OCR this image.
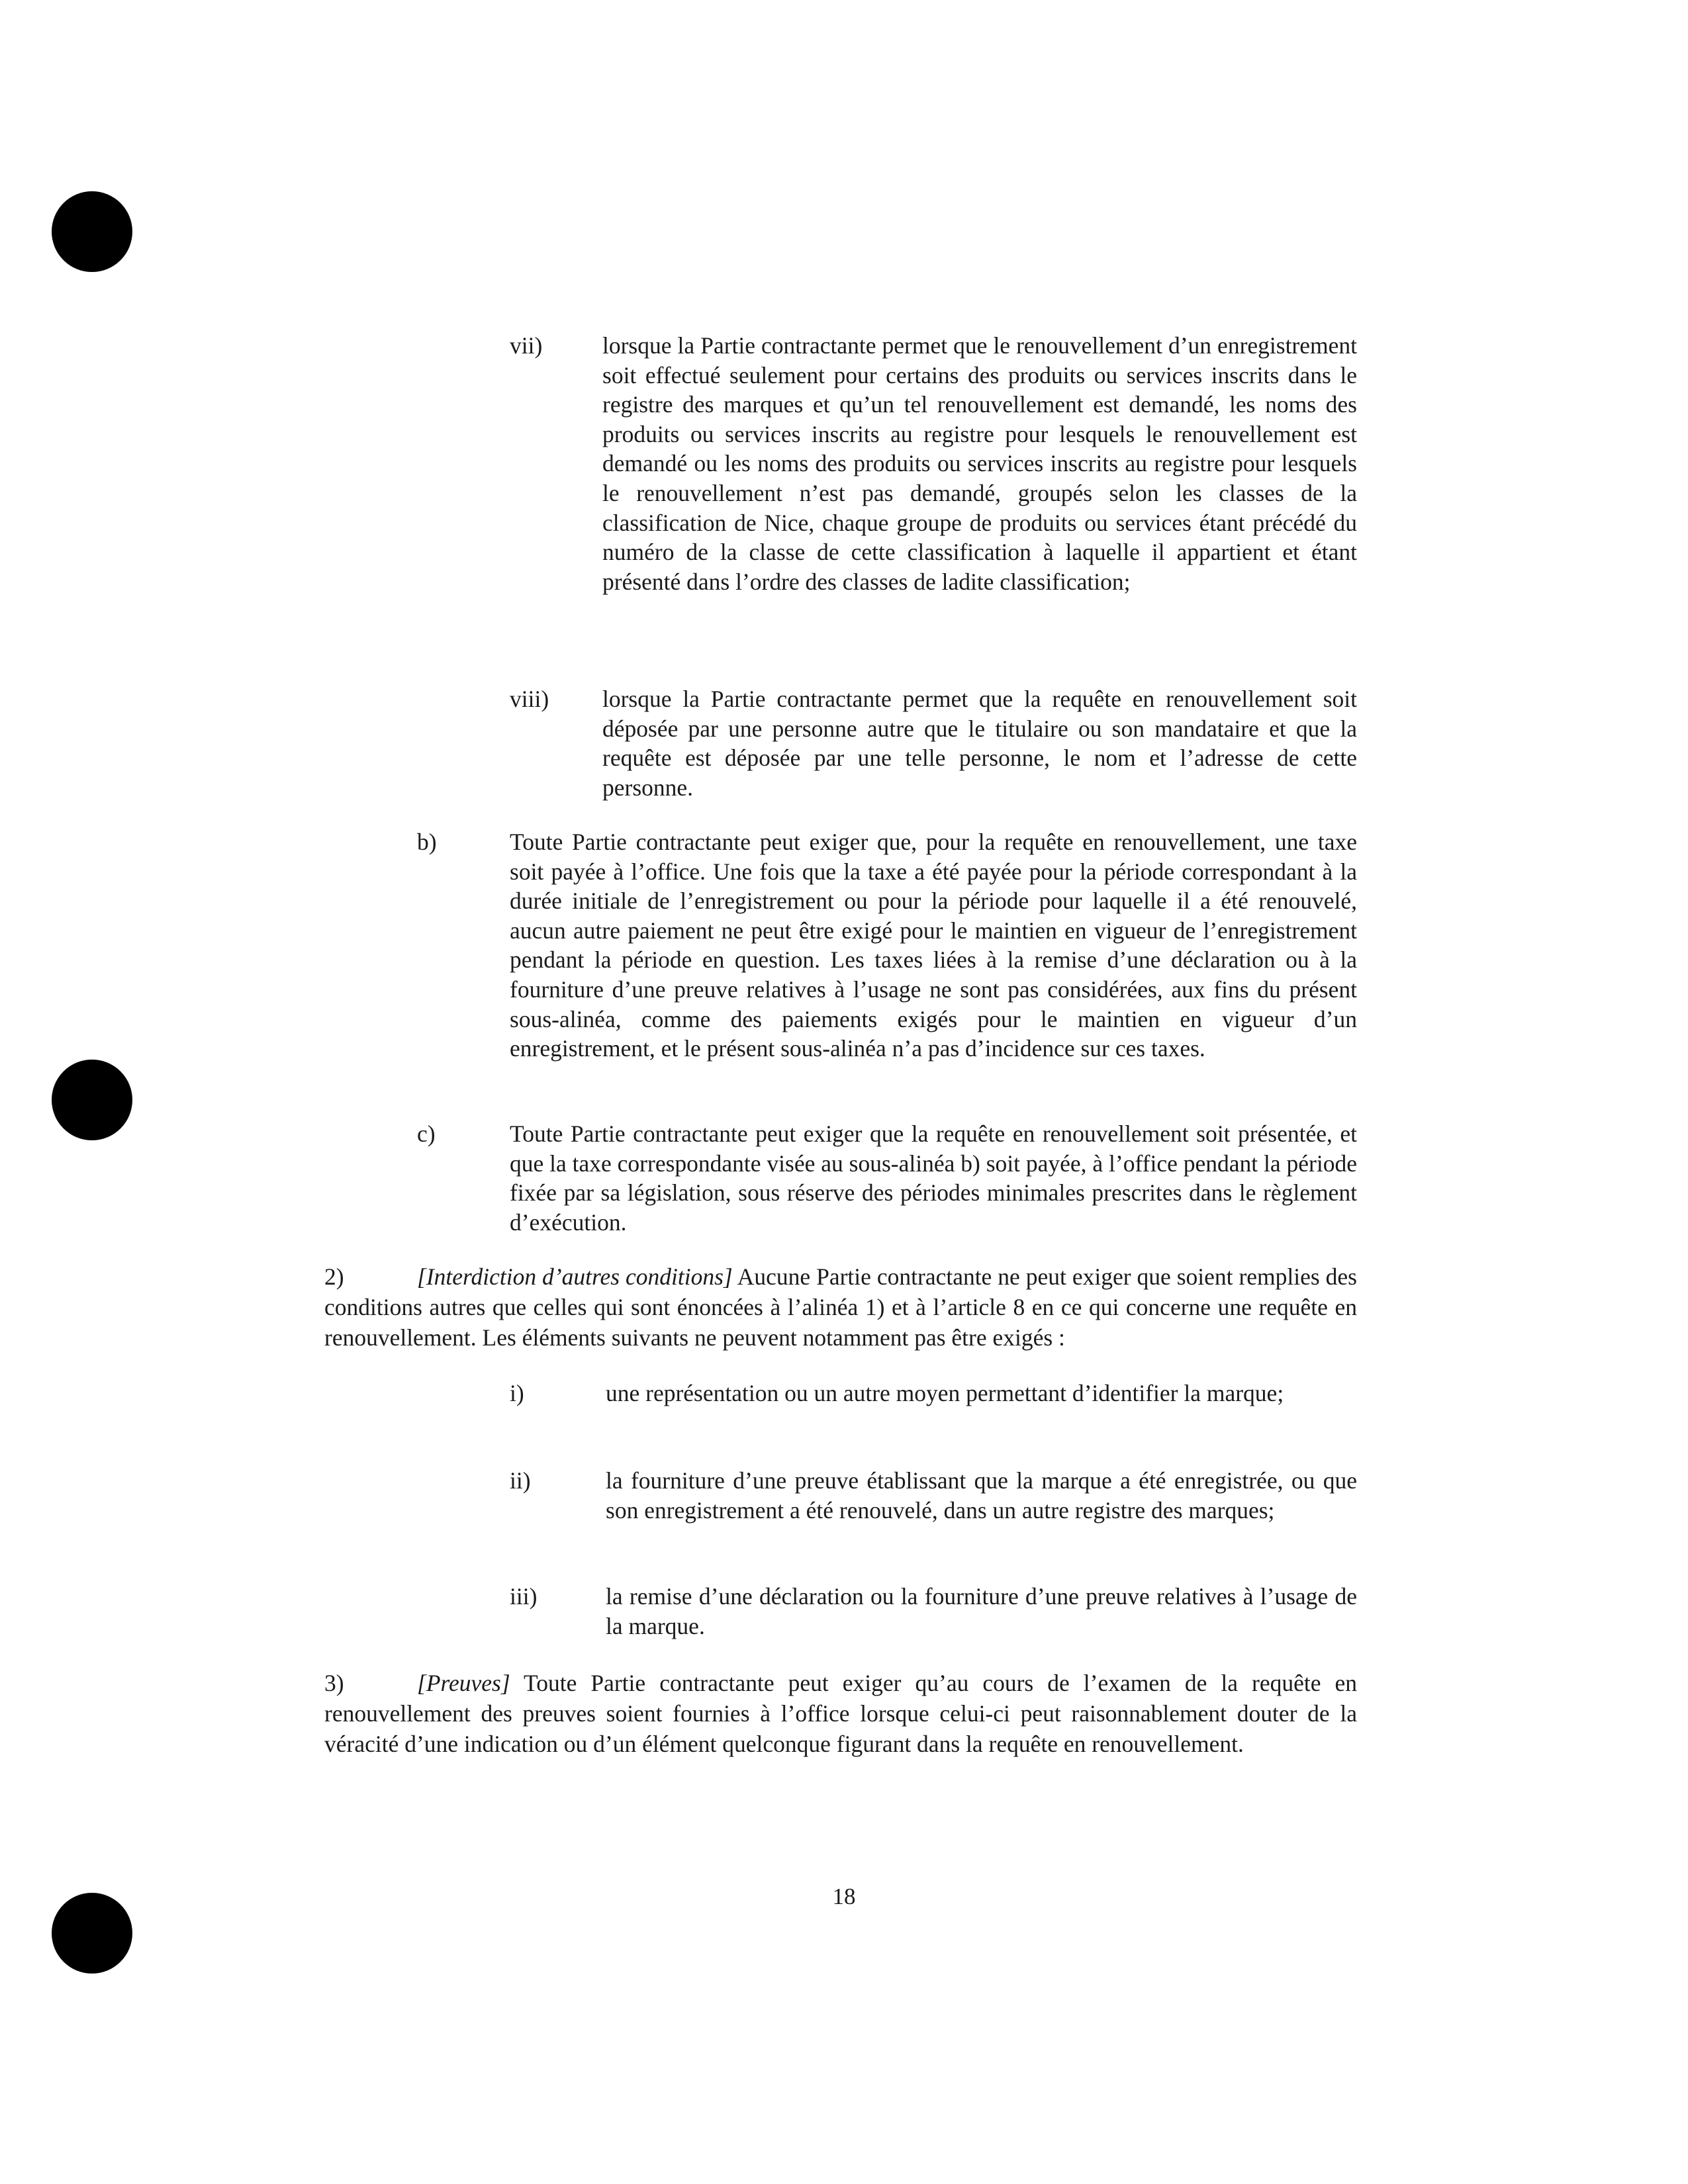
vii)	lorsque la Partie contractante permet que le renouvellement d’un enregistrement soit effectué seulement pour certains des produits ou services inscrits dans le registre des marques et qu’un tel renouvellement est demandé, les noms des produits ou services inscrits au registre pour lesquels le renouvellement est demandé ou les noms des produits ou services inscrits au registre pour lesquels le renouvellement n’est pas demandé, groupés selon les classes de la classification de Nice, chaque groupe de produits ou services étant précédé du numéro de la classe de cette classification à laquelle il appartient et étant présenté dans l’ordre des classes de ladite classification;
viii) lorsque la Partie contractante permet que la requête en renouvellement soit déposée par une personne autre que le titulaire ou son mandataire et que la requête est déposée par une telle personne, le nom et l’adresse de cette personne.
b)	Toute Partie contractante peut exiger que, pour la requête en renouvellement, une taxe soit payée à l’office. Une fois que la taxe a été payée pour la période correspondant à la durée initiale de l’enregistrement ou pour la période pour laquelle il a été renouvelé, aucun autre paiement ne peut être exigé pour le maintien en vigueur de l’enregistrement pendant la période en question. Les taxes liées à la remise d’une déclaration ou à la fourniture d’une preuve relatives à l’usage ne sont pas considérées, aux fins du présent sous-alinéa, comme des paiements exigés pour le maintien en vigueur d’un enregistrement, et le présent sous-alinéa n’a pas d’incidence sur ces taxes.
c)	Toute Partie contractante peut exiger que la requête en renouvellement soit présentée, et que la taxe correspondante visée au sous-alinéa b) soit payée, à l’office pendant la période fixée par sa législation, sous réserve des périodes minimales prescrites dans le règlement d’exécution.
2)	[Interdiction d’autres conditions] Aucune Partie contractante ne peut exiger que soient remplies des conditions autres que celles qui sont énoncées à l’alinéa 1) et à l’article 8 en ce qui concerne une requête en renouvellement. Les éléments suivants ne peuvent notamment pas être exigés :
i)	une représentation ou un autre moyen permettant d’identifier la marque;
ii)	la fourniture d’une preuve établissant que la marque a été enregistrée, ou que son enregistrement a été renouvelé, dans un autre registre des marques;
iii)	la remise d’une déclaration ou la fourniture d’une preuve relatives à l’usage de la marque.
3)	[Preuves] Toute Partie contractante peut exiger qu’au cours de l’examen de la requête en renouvellement des preuves soient fournies à l’office lorsque celui-ci peut raisonnablement douter de la véracité d’une indication ou d’un élément quelconque figurant dans la requête en renouvellement.
18
